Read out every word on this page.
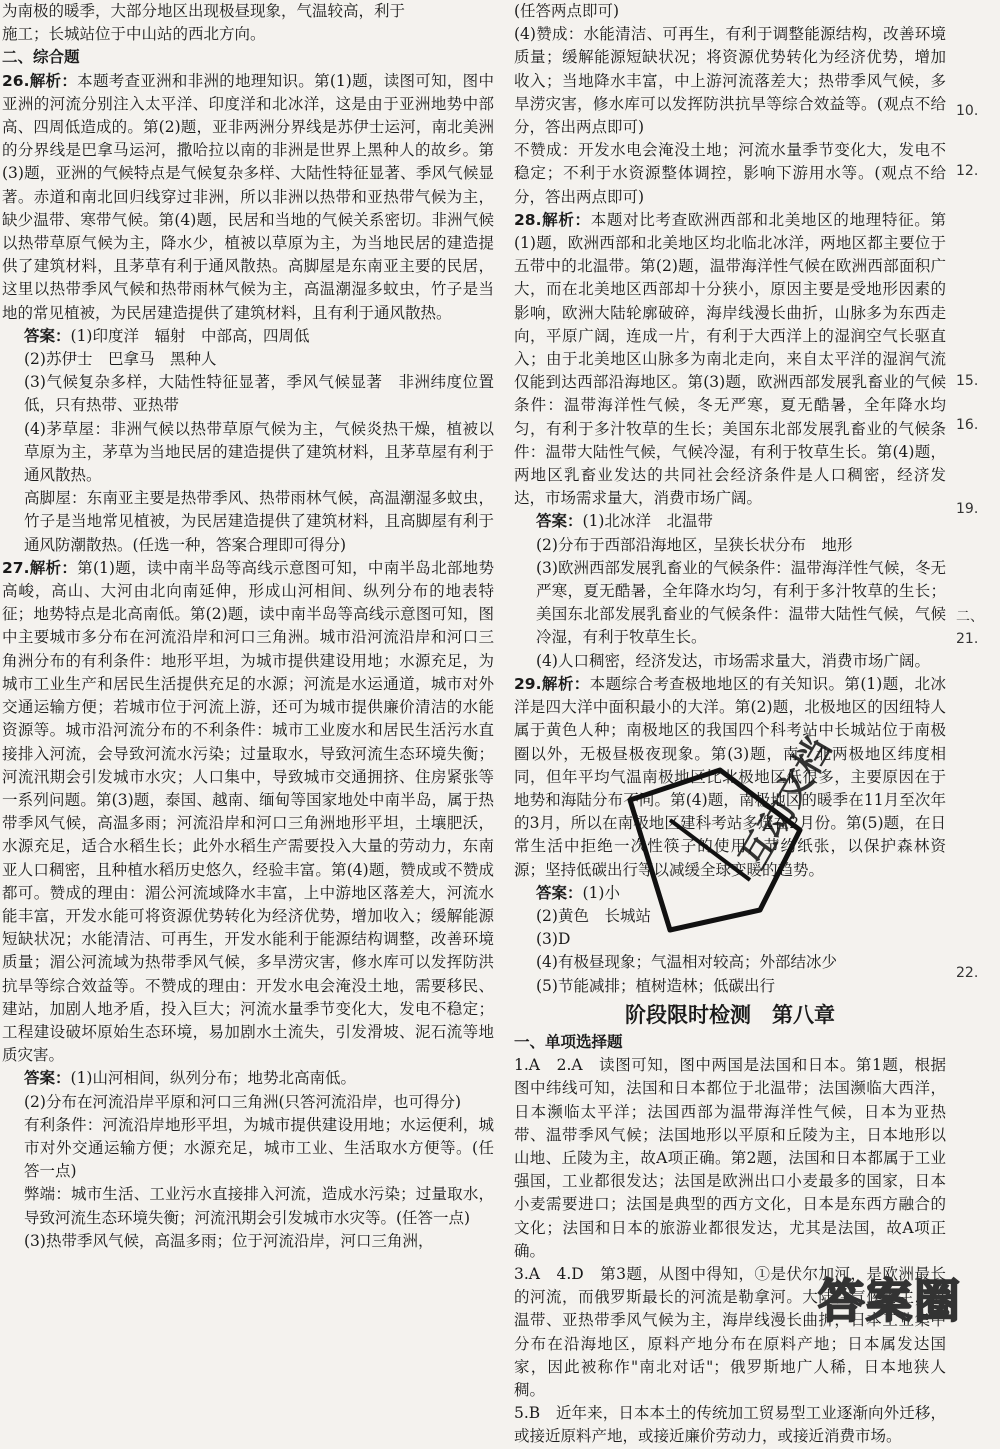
为南极的暖季，大部分地区出现极昼现象，气温较高，利于

施工；长城站位于中山站的西北方向。

二、综合题

26.解析：本题考查亚洲和非洲的地理知识。第(1)题，读图可知，图中亚洲的河流分别注入太平洋、印度洋和北冰洋，这是由于亚洲地势中部高、四周低造成的。第(2)题，亚非两洲分界线是苏伊士运河，南北美洲的分界线是巴拿马运河，撒哈拉以南的非洲是世界上黑种人的故乡。第(3)题，亚洲的气候特点是气候复杂多样、大陆性特征显著、季风气候显著。赤道和南北回归线穿过非洲，所以非洲以热带和亚热带气候为主，缺少温带、寒带气候。第(4)题，民居和当地的气候关系密切。非洲气候以热带草原气候为主，降水少，植被以草原为主，为当地民居的建造提供了建筑材料，且茅草有利于通风散热。高脚屋是东南亚主要的民居，这里以热带季风气候和热带雨林气候为主，高温潮湿多蚊虫，竹子是当地的常见植被，为民居建造提供了建筑材料，且有利于通风散热。

答案：(1)印度洋　辐射　中部高，四周低

(2)苏伊士　巴拿马　黑种人

(3)气候复杂多样，大陆性特征显著，季风气候显著　非洲纬度位置低，只有热带、亚热带

(4)茅草屋：非洲气候以热带草原气候为主，气候炎热干燥，植被以草原为主，茅草为当地民居的建造提供了建筑材料，且茅草屋有利于通风散热。

高脚屋：东南亚主要是热带季风、热带雨林气候，高温潮湿多蚊虫，竹子是当地常见植被，为民居建造提供了建筑材料，且高脚屋有利于通风防潮散热。(任选一种，答案合理即可得分)

27.解析：第(1)题，读中南半岛等高线示意图可知，中南半岛北部地势高峻，高山、大河由北向南延伸，形成山河相间、纵列分布的地表特征；地势特点是北高南低。第(2)题，读中南半岛等高线示意图可知，图中主要城市多分布在河流沿岸和河口三角洲。城市沿河流沿岸和河口三角洲分布的有利条件：地形平坦，为城市提供建设用地；水源充足，为城市工业生产和居民生活提供充足的水源；河流是水运通道，城市对外交通运输方便；若城市位于河流上游，还可为城市提供廉价清洁的水能资源等。城市沿河流分布的不利条件：城市工业废水和居民生活污水直接排入河流，会导致河流水污染；过量取水，导致河流生态环境失衡；河流汛期会引发城市水灾；人口集中，导致城市交通拥挤、住房紧张等一系列问题。第(3)题，泰国、越南、缅甸等国家地处中南半岛，属于热带季风气候，高温多雨；河流沿岸和河口三角洲地形平坦，土壤肥沃，水源充足，适合水稻生长；此外水稻生产需要投入大量的劳动力，东南亚人口稠密，且种植水稻历史悠久，经验丰富。第(4)题，赞成或不赞成都可。赞成的理由：湄公河流域降水丰富，上中游地区落差大，河流水能丰富，开发水能可将资源优势转化为经济优势，增加收入；缓解能源短缺状况；水能清洁、可再生，开发水能利于能源结构调整，改善环境质量；湄公河流域为热带季风气候，多旱涝灾害，修水库可以发挥防洪抗旱等综合效益等。不赞成的理由：开发水电会淹没土地，需要移民、建站，加剧人地矛盾，投入巨大；河流水量季节变化大，发电不稳定；工程建设破坏原始生态环境，易加剧水土流失，引发滑坡、泥石流等地质灾害。

答案：(1)山河相间，纵列分布；地势北高南低。

(2)分布在河流沿岸平原和河口三角洲(只答河流沿岸，也可得分)

有利条件：河流沿岸地形平坦，为城市提供建设用地；水运便利，城市对外交通运输方便；水源充足，城市工业、生活取水方便等。(任答一点)

弊端：城市生活、工业污水直接排入河流，造成水污染；过量取水，导致河流生态环境失衡；河流汛期会引发城市水灾等。(任答一点)

(3)热带季风气候，高温多雨；位于河流沿岸，河口三角洲，

(任答两点即可)

(4)赞成：水能清洁、可再生，有利于调整能源结构，改善环境质量；缓解能源短缺状况；将资源优势转化为经济优势，增加收入；当地降水丰富，中上游河流落差大；热带季风气候，多旱涝灾害，修水库可以发挥防洪抗旱等综合效益等。(观点不给分，答出两点即可)

不赞成：开发水电会淹没土地；河流水量季节变化大，发电不稳定；不利于水资源整体调控，影响下游用水等。(观点不给分，答出两点即可)

28.解析：本题对比考查欧洲西部和北美地区的地理特征。第(1)题，欧洲西部和北美地区均北临北冰洋，两地区都主要位于五带中的北温带。第(2)题，温带海洋性气候在欧洲西部面积广大，而在北美地区西部却十分狭小，原因主要是受地形因素的影响，欧洲大陆轮廓破碎，海岸线漫长曲折，山脉多为东西走向，平原广阔，连成一片，有利于大西洋上的湿润空气长驱直入；由于北美地区山脉多为南北走向，来自太平洋的湿润气流仅能到达西部沿海地区。第(3)题，欧洲西部发展乳畜业的气候条件：温带海洋性气候，冬无严寒，夏无酷暑，全年降水均匀，有利于多汁牧草的生长；美国东北部发展乳畜业的气候条件：温带大陆性气候，气候冷湿，有利于牧草生长。第(4)题，两地区乳畜业发达的共同社会经济条件是人口稠密，经济发达，市场需求量大，消费市场广阔。

答案：(1)北冰洋　北温带

(2)分布于西部沿海地区，呈狭长状分布　地形

(3)欧洲西部发展乳畜业的气候条件：温带海洋性气候，冬无严寒，夏无酷暑，全年降水均匀，有利于多汁牧草的生长；美国东北部发展乳畜业的气候条件：温带大陆性气候，气候冷湿，有利于牧草生长。

(4)人口稠密，经济发达，市场需求量大，消费市场广阔。

29.解析：本题综合考查极地地区的有关知识。第(1)题，北冰洋是四大洋中面积最小的大洋。第(2)题，北极地区的因纽特人属于黄色人种；南极地区的我国四个科考站中长城站位于南极圈以外，无极昼极夜现象。第(3)题，南、北两极地区纬度相同，但年平均气温南极地区比北极地区低很多，主要原因在于地势和海陆分布不同。第(4)题，南极地区的暖季在11月至次年的3月，所以在南极地区建科考站多选在2月份。第(5)题，在日常生活中拒绝一次性筷子的使用，节约纸张，以保护森林资源；坚持低碳出行等以减缓全球变暖的趋势。

答案：(1)小

(2)黄色　长城站

(3)D

(4)有极昼现象；气温相对较高；外部结冰少

(5)节能减排；植树造林；低碳出行

阶段限时检测　第八章

一、单项选择题

1.A　2.A　读图可知，图中两国是法国和日本。第1题，根据图中纬线可知，法国和日本都位于北温带；法国濒临大西洋，日本濒临太平洋；法国西部为温带海洋性气候，日本为亚热带、温带季风气候；法国地形以平原和丘陵为主，日本地形以山地、丘陵为主，故A项正确。第2题，法国和日本都属于工业强国，工业都很发达；法国是欧洲出口小麦最多的国家，日本小麦需要进口；法国是典型的西方文化，日本是东西方融合的文化；法国和日本的旅游业都很发达，尤其是法国，故A项正确。

3.A　4.D　第3题，从图中得知，①是伏尔加河，是欧洲最长的河流，而俄罗斯最长的河流是勒拿河。大陆性气候为主，以温带、亚热带季风气候为主，海岸线漫长曲折，日本工业集中分布在沿海地区，原料产地分布在原料产地；日本属发达国家，因此被称作"南北对话"；俄罗斯地广人稀，日本地狭人稠。

5.B　近年来，日本本土的传统加工贸易型工业逐渐向外迁移，或接近原料产地，或接近廉价劳动力，或接近消费市场。

10.
12.
15.
16.
19.
二、
21.
22.
互动文档
答案圈
